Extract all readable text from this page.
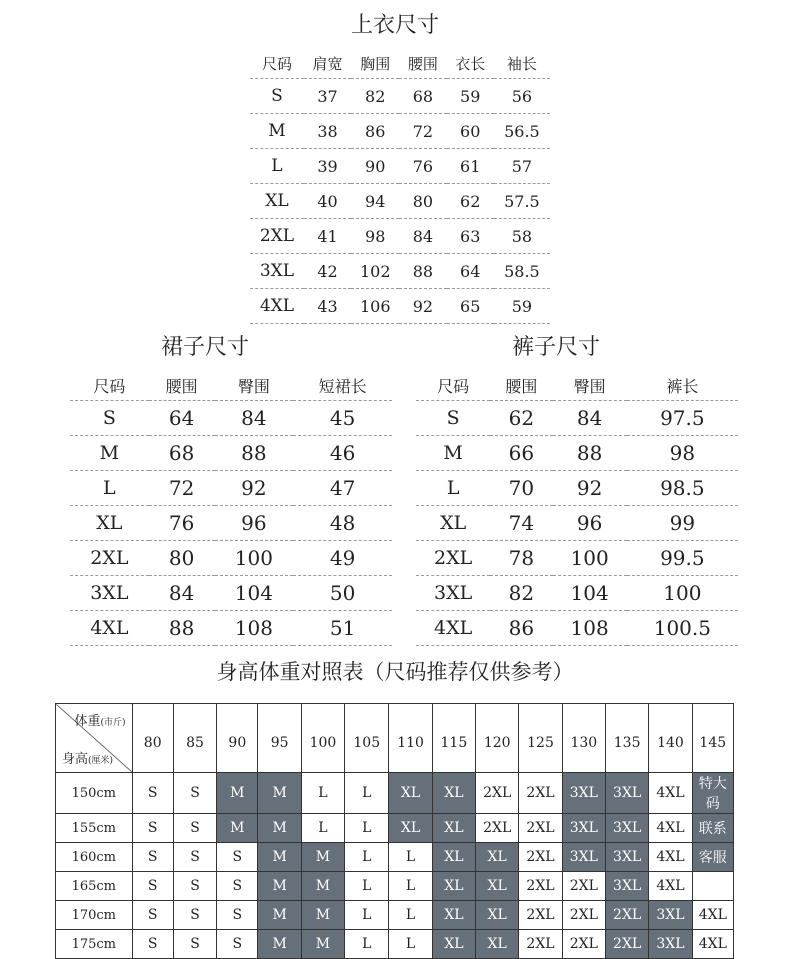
上衣尺寸
尺码	肩宽	胸围	腰围	衣长	袖长
S	37	82	68	59	56
M	38	86	72	60	56.5
L	39	90	76	61	57
XL	40	94	80	62	57.5
2XL	41	98	84	63	58
3XL	42	102	88	64	58.5
4XL	43	106	92	65	59
裙子尺寸
尺码	腰围	臀围	短裙长
S	64	84	45
M	68	88	46
L	72	92	47
XL	76	96	48
2XL	80	100	49
3XL	84	104	50
4XL	88	108	51
裤子尺寸
尺码	腰围	臀围	裤长
S	62	84	97.5
M	66	88	98
L	70	92	98.5
XL	74	96	99
2XL	78	100	99.5
3XL	82	104	100
4XL	86	108	100.5
身高体重对照表（尺码推荐仅供参考）
体重(市斤)
身高(厘米)	80	85	90	95	100	105	110	115	120	125	130	135	140	145
150cm	S	S	M	M	L	L	XL	XL	2XL	2XL	3XL	3XL	4XL	特大码
155cm	S	S	M	M	L	L	XL	XL	2XL	2XL	3XL	3XL	4XL	联系
160cm	S	S	S	M	M	L	L	XL	XL	2XL	3XL	3XL	4XL	客服
165cm	S	S	S	M	M	L	L	XL	XL	2XL	2XL	3XL	4XL	
170cm	S	S	S	M	M	L	L	XL	XL	2XL	2XL	2XL	3XL	4XL
175cm	S	S	S	M	M	L	L	XL	XL	2XL	2XL	2XL	3XL	4XL
